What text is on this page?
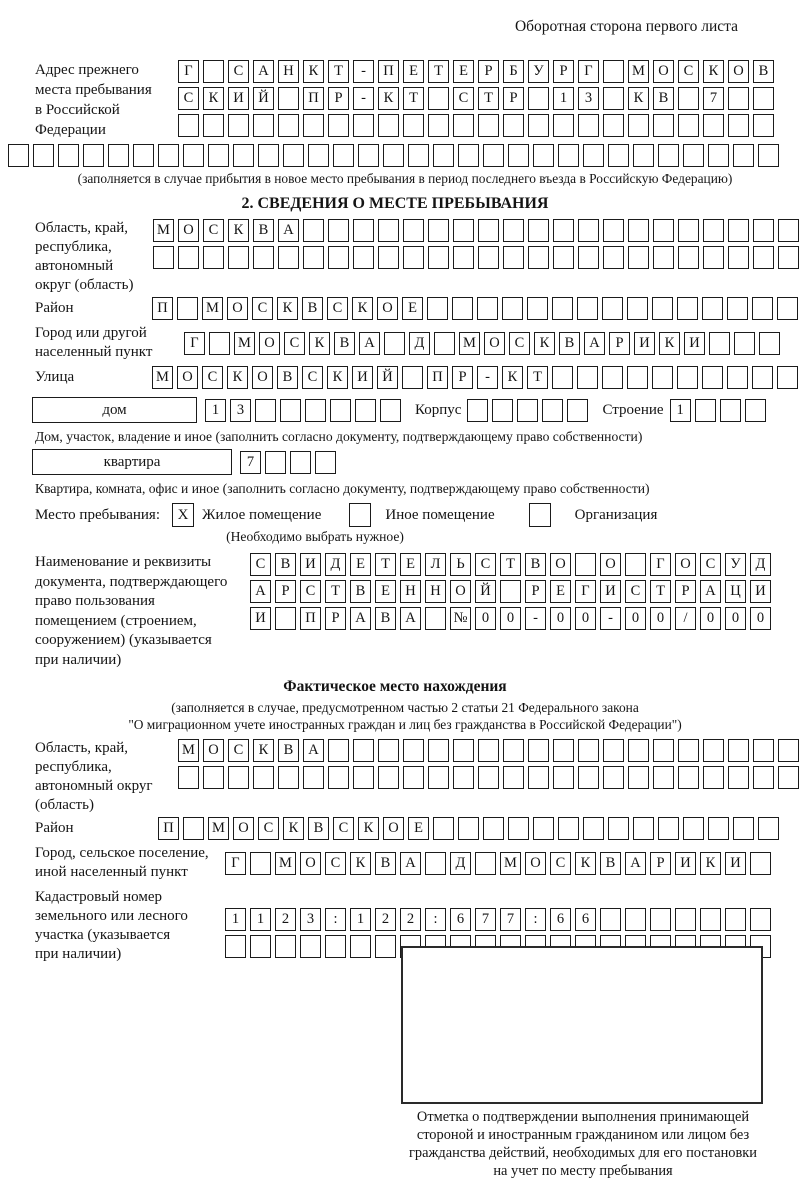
Оборотная сторона первого листа
Адрес прежнего
места пребывания
в Российской
Федерации
Г	С	А	Н	К	Т	-	П	Е	Т	Е	Р	Б	У	Р	Г	М О	С	К	О	В
С	К	И	Й	П	Р	-	К	Т	С	Т	Р	1	3	К	В	7
(заполняется в случае прибытия в новое место пребывания в период последнего въезда в Российскую Федерацию)
2. СВЕДЕНИЯ О МЕСТЕ ПРЕБЫВАНИЯ
Область, край,
республика,
автономный
округ (область)
М О	С	К	В	А
Район	П	М О	С	К	В	С	К	О	Е
Город или другой
населенный пункт
Г	М О	С	К	В	А	Д	М О	С	К	В	А	Р	И	К	И
Улица	М О	С	К	О	В	С	К	И	Й	П	Р	-	К	Т
дом	1	3	Корпус	Строение 1
Дом, участок, владение и иное (заполнить согласно документу, подтверждающему право собственности)
квартира	7
Квартира, комната, офис и иное (заполнить согласно документу, подтверждающему право собственности)
Место пребывания:	X Жилое помещение	Иное помещение	Организация
(Необходимо выбрать нужное)
Наименование и реквизиты
документа, подтверждающего
право пользования
помещением (строением,
сооружением) (указывается
при наличии)
С	В	И	Д	Е	Т	Е	Л	Ь	С	Т	В	О	О	Г	О	С	У	Д
А	Р	С	Т	В	Е	Н	Н	О	Й	Р	Е	Г	И	С	Т	Р	А	Ц	И
И	П	Р	А	В	А	№ 0	0	-	0	0	-	0	0	/	0	0	0
Фактическое место нахождения
(заполняется в случае, предусмотренном частью 2 статьи 21 Федерального закона
"О миграционном учете иностранных граждан и лиц без гражданства в Российской Федерации")
Область, край,
республика,
автономный округ
(область)
М О	С	К	В	А
Район	П	М О	С	К	В	С	К	О	Е
Город, сельское поселение,
иной населенный пункт
Г	М О	С	К	В	А	Д	М О	С	К	В	А	Р	И	К	И
Кадастровый номер
земельного или лесного
участка (указывается
при наличии)
1	1	2	3	:	1	2	2	:	6	7	7	:	6	6
Отметка о подтверждении выполнения принимающей
стороной и иностранным гражданином или лицом без
гражданства действий, необходимых для его постановки
на учет по месту пребывания
